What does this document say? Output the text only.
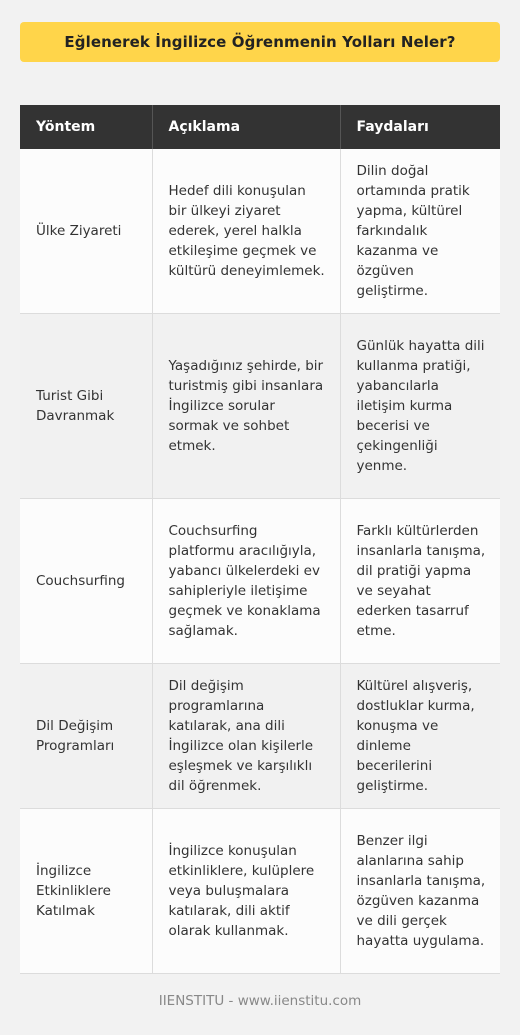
Eğlenerek İngilizce Öğrenmenin Yolları Neler?
Yöntem	Açıklama	Faydaları
Ülke Ziyareti	Hedef dili konuşulan bir ülkeyi ziyaret ederek, yerel halkla etkileşime geçmek ve kültürü deneyimlemek.	Dilin doğal ortamında pratik yapma, kültürel farkındalık kazanma ve özgüven geliştirme.
Turist Gibi Davranmak	Yaşadığınız şehirde, bir turistmiş gibi insanlara İngilizce sorular sormak ve sohbet etmek.	Günlük hayatta dili kullanma pratiği, yabancılarla iletişim kurma becerisi ve çekingenliği yenme.
Couchsurfing	Couchsurfing platformu aracılığıyla, yabancı ülkelerdeki ev sahipleriyle iletişime geçmek ve konaklama sağlamak.	Farklı kültürlerden insanlarla tanışma, dil pratiği yapma ve seyahat ederken tasarruf etme.
Dil Değişim Programları	Dil değişim programlarına katılarak, ana dili İngilizce olan kişilerle eşleşmek ve karşılıklı dil öğrenmek.	Kültürel alışveriş, dostluklar kurma, konuşma ve dinleme becerilerini geliştirme.
İngilizce Etkinliklere Katılmak	İngilizce konuşulan etkinliklere, kulüplere veya buluşmalara katılarak, dili aktif olarak kullanmak.	Benzer ilgi alanlarına sahip insanlarla tanışma, özgüven kazanma ve dili gerçek hayatta uygulama.
IIENSTITU - www.iienstitu.com
